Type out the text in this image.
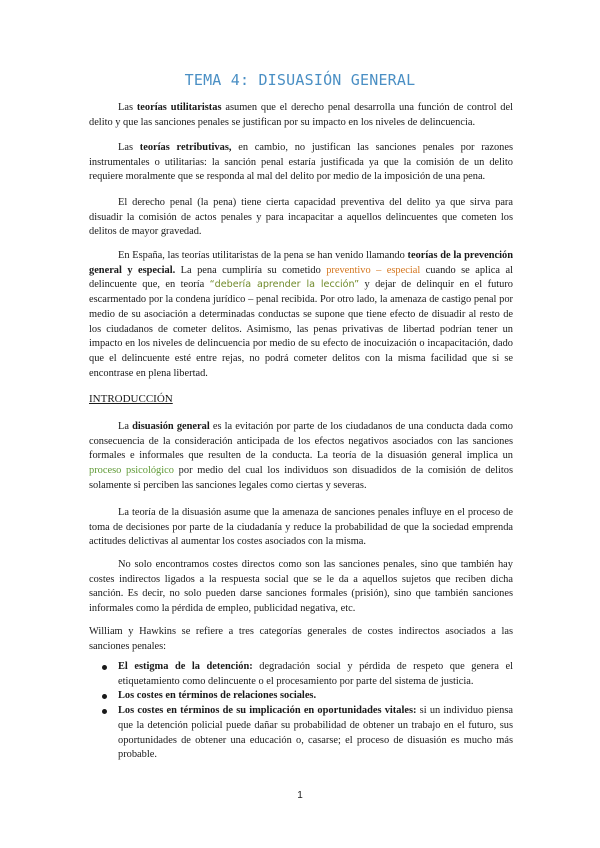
TEMA 4: DISUASIÓN GENERAL

Las teorías utilitaristas asumen que el derecho penal desarrolla una función de control del delito y que las sanciones penales se justifican por su impacto en los niveles de delincuencia.

Las teorías retributivas, en cambio, no justifican las sanciones penales por razones instrumentales o utilitarias: la sanción penal estaría justificada ya que la comisión de un delito requiere moralmente que se responda al mal del delito por medio de la imposición de una pena.

El derecho penal (la pena) tiene cierta capacidad preventiva del delito ya que sirva para disuadir la comisión de actos penales y para incapacitar a aquellos delincuentes que cometen los delitos de mayor gravedad.

En España, las teorías utilitaristas de la pena se han venido llamando teorías de la prevención general y especial. La pena cumpliría su cometido preventivo – especial cuando se aplica al delincuente que, en teoría “debería aprender la lección” y dejar de delinquir en el futuro escarmentado por la condena jurídico – penal recibida. Por otro lado, la amenaza de castigo penal por medio de su asociación a determinadas conductas se supone que tiene efecto de disuadir al resto de los ciudadanos de cometer delitos. Asimismo, las penas privativas de libertad podrían tener un impacto en los niveles de delincuencia por medio de su efecto de inocuización o incapacitación, dado que el delincuente esté entre rejas, no podrá cometer delitos con la misma facilidad que si se encontrase en plena libertad.

INTRODUCCIÓN

La disuasión general es la evitación por parte de los ciudadanos de una conducta dada como consecuencia de la consideración anticipada de los efectos negativos asociados con las sanciones formales e informales que resulten de la conducta. La teoría de la disuasión general implica un proceso psicológico por medio del cual los individuos son disuadidos de la comisión de delitos solamente si perciben las sanciones legales como ciertas y severas.

La teoría de la disuasión asume que la amenaza de sanciones penales influye en el proceso de toma de decisiones por parte de la ciudadanía y reduce la probabilidad de que la sociedad emprenda actitudes delictivas al aumentar los costes asociados con la misma.

No solo encontramos costes directos como son las sanciones penales, sino que también hay costes indirectos ligados a la respuesta social que se le da a aquellos sujetos que reciben dicha sanción. Es decir, no solo pueden darse sanciones formales (prisión), sino que también sanciones informales como la pérdida de empleo, publicidad negativa, etc.

William y Hawkins se refiere a tres categorías generales de costes indirectos asociados a las sanciones penales:

El estigma de la detención: degradación social y pérdida de respeto que genera el etiquetamiento como delincuente o el procesamiento por parte del sistema de justicia.
Los costes en términos de relaciones sociales.
Los costes en términos de su implicación en oportunidades vitales: si un individuo piensa que la detención policial puede dañar su probabilidad de obtener un trabajo en el futuro, sus oportunidades de obtener una educación o, casarse; el proceso de disuasión es mucho más probable.
1
